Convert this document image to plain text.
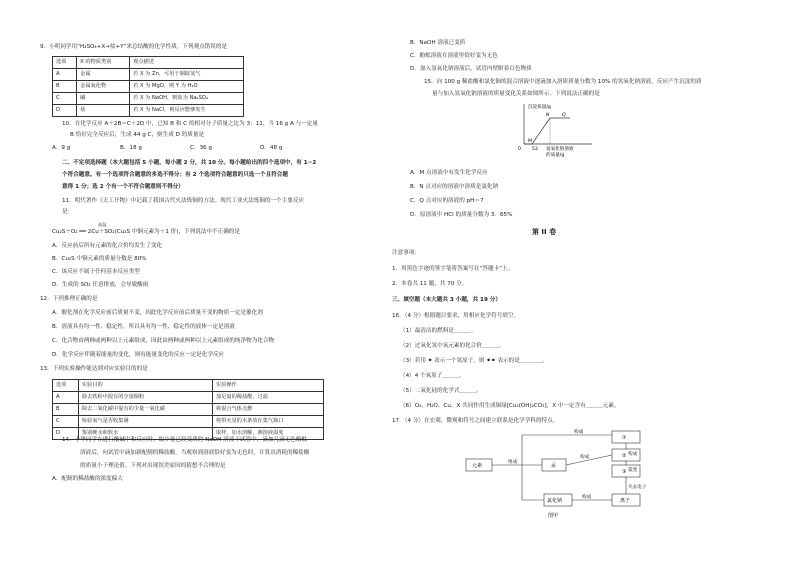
9．小明同学用“H₂SO₄+X→盐+Y”来总结酸的化学性质，下列观点错误的是
选项	X 的物质类别	观点描述
A	金属	若 X 为 Zn，可用于制取氢气
B	金属氧化物	若 X 为 MgO，则 Y 为 H₂O
C	碱	若 X 为 NaOH，则盐为 Na₂SO₄
D	盐	若 X 为 NaCl，则反应能够发生
10．在化学反应 A＋2B＝C＋2D 中，已知 B 和 C 的相对分子质量之比为 3：11，当 16 g A 与一定量
B 恰好完全反应后，生成 44 g C，则生成 D 的质量是
A．9 g	B．18 g	C．36 g	D．48 g
二、不定项选择题（本大题包括 5 小题，每小题 2 分，共 10 分。每小题给出的四个选项中，有 1~2
个符合题意。有一个选项符合题意的多选不得分；有 2 个选项符合题意的只选一个且符合题
意得 1 分；选 2 个有一个不符合题意则不得分）
11．明代著作《天工开物》中记载了我国古代火法炼铜的方法。现代工业火法炼铜的一个主要反应
是：
高温
Cu₂S＋O₂ ══ 2Cu＋SO₂(Cu₂S 中铜元素为＋1 价)，下列说法中不正确的是
A．反应前后所有元素的化合价均发生了变化
B．Cu₂S 中铜元素的质量分数是 80%
C．该反应不属于任何基本反应类型
D．生成的 SO₂ 任意排放，会导致酸雨
12．下列推理正确的是
A．催化剂在化学反应前后质量不变，因此化学反应前后质量不变的物质一定是催化剂
B．溶液具有均一性、稳定性，所以具有均一性、稳定性的液体一定是溶液
C．化合物由两种或两种以上元素组成，因此由两种或两种以上元素组成的纯净物为化合物
D．化学反应伴随着能量的变化，则有能量变化的反应一定是化学反应
13．下列实验操作能达到对应实验目的的是
选项	实验目的	实验操作
A	除去铁粉中混有的少量铜粉	加足量的稀盐酸，过滤
B	除去二氧化碳中混有的少量一氧化碳	将混合气体点燃
C	检验氧气是否收集满	将带火星的木条放在集气瓶口
D	鉴别硬水和软水	取样，加水溶解，测溶液温度
14．小华同学在进行酸碱中和反应时，取少量已经变质的 NaOH 溶液于试管中，滴加几滴无色酚酞
溶液后，向试管中滴加新配制的稀盐酸，当观察到溶液恰好变为无色时，计算出消耗的稀盐酸
的质量小于理论值。下列对出现误差原因的猜想不合理的是
A．配制的稀盐酸的浓度偏大
B．NaOH 溶液已变质
C．酚酞溶液在溶液里恰好变为无色
D．加入氢氧化钠溶液后，试管内壁附着白色物质
15．向 100 g 稀盐酸和氯化铜的混合溶液中逐滴加入溶质质量分数为 10% 的氢氧化钠溶液，反应产生沉淀的质
量与加入氢氧化钠溶液的质量变化关系如图所示。下列说法正确的是
沉淀质量/g
M
N	Q
0 53 氢氧化钠溶液
的质量/g
A．M 点溶液中有发生化学反应
B．N 点对应的溶液中溶质是氯化钠
C．Q 点对应的溶液的 pH＝7
D．原溶液中 HCl 的质量分数为 3．65%
第 II 卷
注意事项：
1．用黑色字迹的签字笔将答案写在“答题卡”上。
2．本卷共 11 题，共 70 分。
三、填空题（本大题共 3 小题，共 19 分）
16．（4 分）根据题目要求，用相应化学符号填空。
（1）最清洁的燃料是＿＿＿。
（2）过氧化氢中氧元素的化合价＿＿＿。
（3）若用 ⚫ 表示一个氢原子，则 ⚫⚫ 表示的是＿＿＿＿。
（4）4 个氧原子＿＿＿。
（5）二氧化硅的化学式＿＿＿。
（6）O₂、H₂O、Cu、X 共同作用生成铜绿[Cu₂(OH)₂CO₃]，X 中一定含有＿＿＿元素。
17．（4 分）在宏观、微观和符号之间建立联系是化学学科的特点。
元素
组成
汞
氯化钠
①
构成
②
构成
③
离子
构成
构成
裂变
失去电子
图甲
